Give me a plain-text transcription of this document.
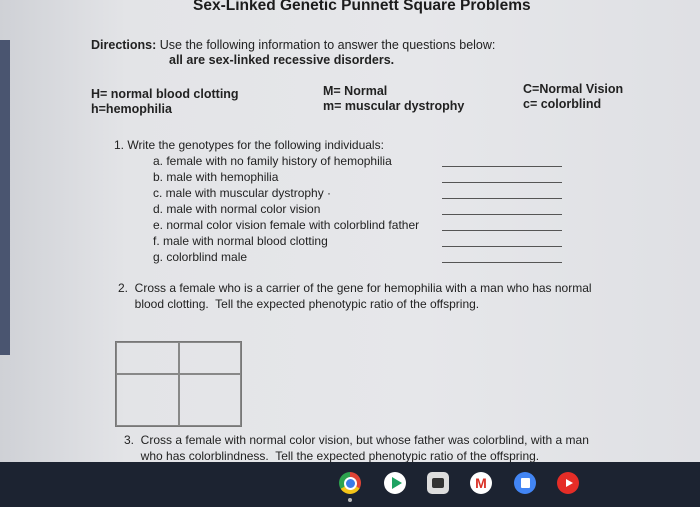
Sex-Linked Genetic Punnett Square Problems
Directions: Use the following information to answer the questions below:
all are sex-linked recessive disorders.
H= normal blood clotting
h=hemophilia
M= Normal
m= muscular dystrophy
C=Normal Vision
c= colorblind
1. Write the genotypes for the following individuals:
a. female with no family history of hemophilia
b. male with hemophilia
c. male with muscular dystrophy ·
d. male with normal color vision
e. normal color vision female with colorblind father
f. male with normal blood clotting
g. colorblind male
2.  Cross a female who is a carrier of the gene for hemophilia with a man who has normal
blood clotting.  Tell the expected phenotypic ratio of the offspring.
3.  Cross a female with normal color vision, but whose father was colorblind, with a man
who has colorblindness.  Tell the expected phenotypic ratio of the offspring.
M
